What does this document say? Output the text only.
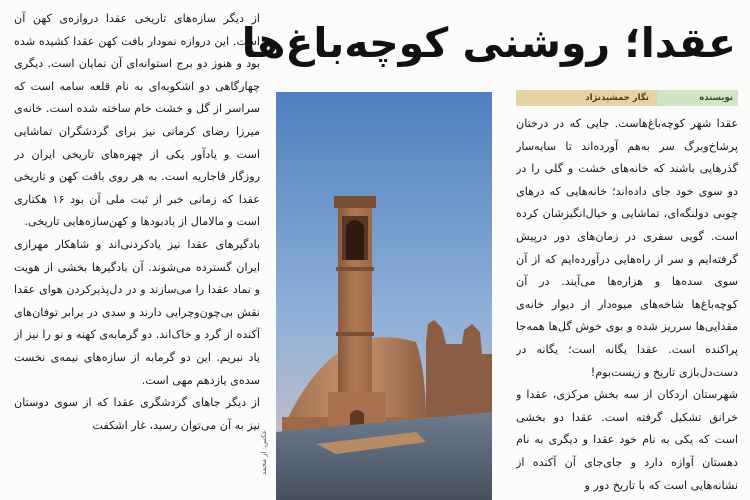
عقدا؛ روشنی کوچه‌باغ‌ها
نویسنده
نگار جمشیدنژاد

عقدا شهر کوچه‌باغ‌هاست. جایی که در درختان پرشاخ‌وبرگ سر به‌هم آورده‌اند تا سایه‌سار گذرهایی باشند که خانه‌های خشت و گلی را در دو سوی خود جای داده‌اند؛ خانه‌هایی که درهای چوبی دولنگه‌ای، تماشایی و خیال‌انگیزشان کرده است. گویی سفری در زمان‌های دور درپیش گرفته‌ایم و سر از راه‌هایی درآورده‌ایم که از آن سوی سده‌ها و هزاره‌ها می‌آیند. در آن کوچه‌باغ‌ها شاخه‌های میوه‌دار از دیوار خانه‌ی مقدایی‌ها سرریز شده و بوی خوش گل‌ها همه‌جا پراکنده است. عقدا یگانه است؛ یگانه در دست‌دل‌بازی تاریخ و زیست‌بوم!

شهرستان اردکان از سه بخش مرکزی، عقدا و خرانق تشکیل گرفته است. عقدا دو بخشی است که یکی به نام خود عقدا و دیگری به نام دهستان آوازه دارد و جای‌جای آن آکنده از نشانه‌هایی است که با تاریخ دور و

عکس: از محمد

از دیگر سازه‌های تاریخی عقدا دروازه‌ی کهن آن است. این دروازه نمودار بافت کهن عقدا کشیده شده بود و هنوز دو برج استوانه‌ای آن نمایان است. دیگری چهارگاهی دو اشکوبه‌ای به نام قلعه سامه است که سراسر از گل و خشت خام ساخته شده است. خانه‌ی میرزا رضای کرمانی نیز برای گردشگران تماشایی است و یادآور یکی از چهره‌های تاریخی ایران در روزگار قاجاریه است. به هر روی بافت کهن و تاریخی عقدا که زمانی خبر از ثبت ملی آن بود ۱۶ هکتاری است و مالامال از یادبودها و کهن‌سازه‌هایی تاریخی.

بادگیرهای عقدا نیز یادکردنی‌اند و شاهکار مهرازی ایران گسترده می‌شوند. آن بادگیرها بخشی از هویت و نماد عقدا را می‌سازند و در دل‌پذیرکردن هوای عقدا نقش بی‌چون‌وچرایی دارند و سدی در برابر توفان‌های آکنده از گرد و خاک‌اند. دو گرمابه‌ی کهنه و نو را نیز از یاد نبریم. این دو گرمابه از سازه‌های نیمه‌ی نخست سده‌ی یازدهم مهی است.

از دیگر جاهای گردشگری عقدا که از سوی دوستان نیز به آن می‌توان رسید، غار اشکفت
